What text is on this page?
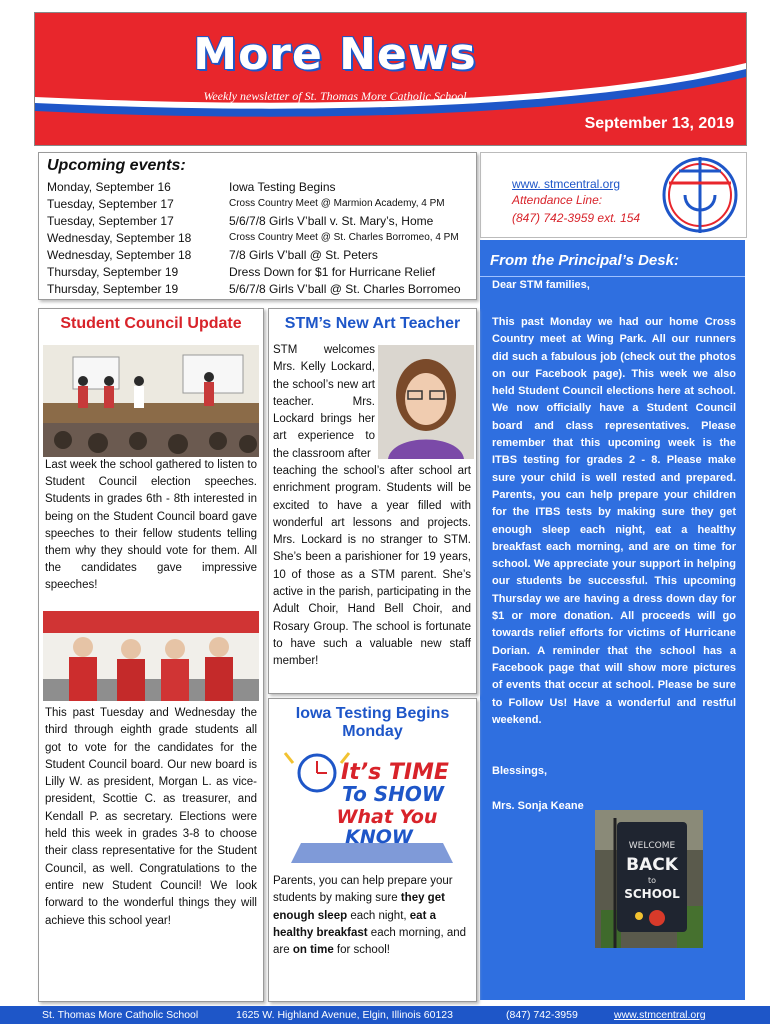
More News
Weekly newsletter of St. Thomas More Catholic School
September 13, 2019
Upcoming events:
Monday, September 16	Iowa Testing Begins
Tuesday, September 17	Cross Country Meet @ Marmion Academy, 4 PM
Tuesday, September 17	5/6/7/8 Girls V’ball v. St. Mary’s, Home
Wednesday, September 18	Cross Country Meet @ St. Charles Borromeo, 4 PM
Wednesday, September 18	7/8 Girls V’ball @ St. Peters
Thursday, September 19	Dress Down for $1 for Hurricane Relief
Thursday, September 19	5/6/7/8 Girls V’ball @ St. Charles Borromeo
www. stmcentral.org
Attendance Line:
(847) 742-3959 ext. 154
From the Principal’s Desk:
Dear STM families,
This past Monday we had our home Cross Country meet at Wing Park. All our runners did such a fabulous job (check out the photos on our Facebook page). This week we also held Student Council elections here at school. We now officially have a Student Council board and class representatives. Please remember that this upcoming week is the ITBS testing for grades 2 - 8. Please make sure your child is well rested and prepared. Parents, you can help prepare your children for the ITBS tests by making sure they get enough sleep each night, eat a healthy breakfast each morning, and are on time for school. We appreciate your support in helping our students be successful. This upcoming Thursday we are having a dress down day for $1 or more donation. All proceeds will go towards relief efforts for victims of Hurricane Dorian. A reminder that the school has a Facebook page that will show more pictures of events that occur at school. Please be sure to Follow Us! Have a wonderful and restful weekend.
Blessings,
Mrs. Sonja Keane
WELCOME
BACK
to
SCHOOL
Student Council Update
Last week the school gathered to listen to Student Council election speeches. Students in grades 6th - 8th interested in being on the Student Council board gave speeches to their fellow students telling them why they should vote for them. All the candidates gave impressive speeches!
This past Tuesday and Wednesday the third through eighth grade students all got to vote for the candidates for the Student Council board. Our new board is Lilly W. as president, Morgan L. as vice-president, Scottie C. as treasurer, and Kendall P. as secretary. Elections were held this week in grades 3-8 to choose their class representative for the Student Council, as well. Congratulations to the entire new Student Council! We look forward to the wonderful things they will achieve this school year!
STM’s New Art Teacher
STM welcomes Mrs. Kelly Lockard, the school’s new art teacher. Mrs. Lockard brings her art experience to the classroom after
teaching the school’s after school art enrichment program. Students will be excited to have a year filled with wonderful art lessons and projects. Mrs. Lockard is no stranger to STM. She’s been a parishioner for 19 years, 10 of those as a STM parent. She’s active in the parish, participating in the Adult Choir, Hand Bell Choir, and Rosary Group. The school is fortunate to have such a valuable new staff member!
Iowa Testing Begins Monday
It’s TIME
To SHOW
What You
KNOW
Parents, you can help prepare your students by making sure they get enough sleep each night, eat a healthy breakfast each morning, and are on time for school!
St. Thomas More Catholic School	1625 W. Highland Avenue, Elgin, Illinois 60123	(847) 742-3959	www.stmcentral.org
